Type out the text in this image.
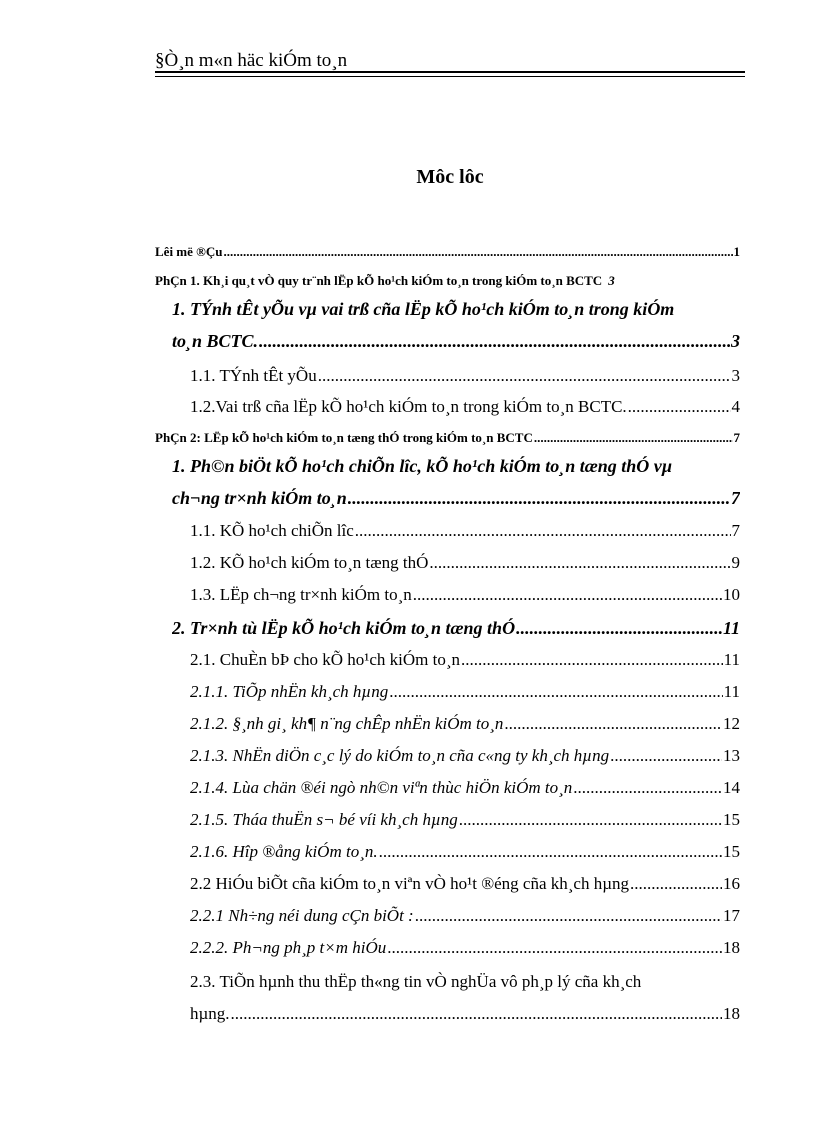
§Ò¸n m«n häc kiÓm to¸n
Môc lôc
Lêi më ®Çu .....	1
PhÇn 1. Kh¸i qu¸t vÒ quy tr¨nh lËp kÕ ho¹ch kiÓm to¸n trong kiÓm to¸n BCTC 3
1. TÝnh tÊt yÕu vµ vai trß cña lËp kÕ ho¹ch kiÓm to¸n trong kiÓm
to¸n BCTC. .....	3
1.1. TÝnh tÊt yÕu .....	3
1.2.Vai trß cña lËp kÕ ho¹ch kiÓm to¸n trong kiÓm to¸n BCTC. .....	4
PhÇn 2: LËp kÕ ho¹ch kiÓm to¸n tæng thÓ trong kiÓm to¸n BCTC .....	7
1. Ph©n biÖt kÕ ho¹ch chiÕn lîc, kÕ ho¹ch kiÓm to¸n tæng thÓ vµ
ch¬ng tr×nh kiÓm to¸n .....	7
1.1. KÕ ho¹ch chiÕn lîc .....	7
1.2. KÕ ho¹ch kiÓm to¸n tæng thÓ .....	9
1.3. LËp ch¬ng tr×nh kiÓm to¸n .....	10
2. Tr×nh tù lËp kÕ ho¹ch kiÓm to¸n tæng thÓ .....	11
2.1. ChuÈn bÞ cho kÕ ho¹ch kiÓm to¸n .....	11
2.1.1. TiÕp nhËn kh¸ch hµng .....	11
2.1.2. §¸nh gi¸ kh¶ n¨ng chÊp nhËn kiÓm to¸n .....	12
2.1.3. NhËn diÖn c¸c lý do kiÓm to¸n cña c«ng ty kh¸ch hµng .....	13
2.1.4. Lùa chän ®éi ngò nh©n viªn thùc hiÖn kiÓm to¸n .....	14
2.1.5. Tháa thuËn s¬ bé víi kh¸ch hµng .....	15
2.1.6. Hîp ®ång kiÓm to¸n. .....	15
2.2 HiÓu biÕt cña kiÓm to¸n viªn vÒ ho¹t ®éng cña kh¸ch hµng .....	16
2.2.1 Nh÷ng néi dung cÇn biÕt : .....	17
2.2.2. Ph¬ng ph¸p t×m hiÓu .....	18
2.3. TiÕn hµnh thu thËp th«ng tin vÒ nghÜa vô ph¸p lý cña kh¸ch
hµng. .....	18
